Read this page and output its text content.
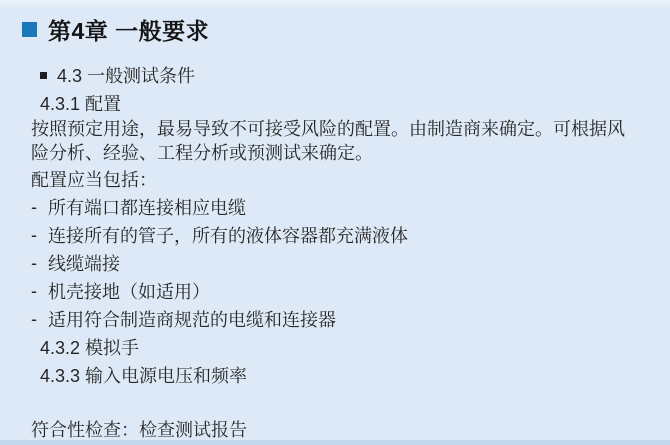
第4章 一般要求
4.3 一般测试条件
4.3.1 配置

按照预定用途，最易导致不可接受风险的配置。由制造商来确定。可根据风险分析、经验、工程分析或预测试来确定。

配置应当包括：
- 所有端口都连接相应电缆
- 连接所有的管子，所有的液体容器都充满液体
- 线缆端接
- 机壳接地（如适用）
- 适用符合制造商规范的电缆和连接器
4.3.2 模拟手
4.3.3 输入电源电压和频率
符合性检查：检查测试报告
